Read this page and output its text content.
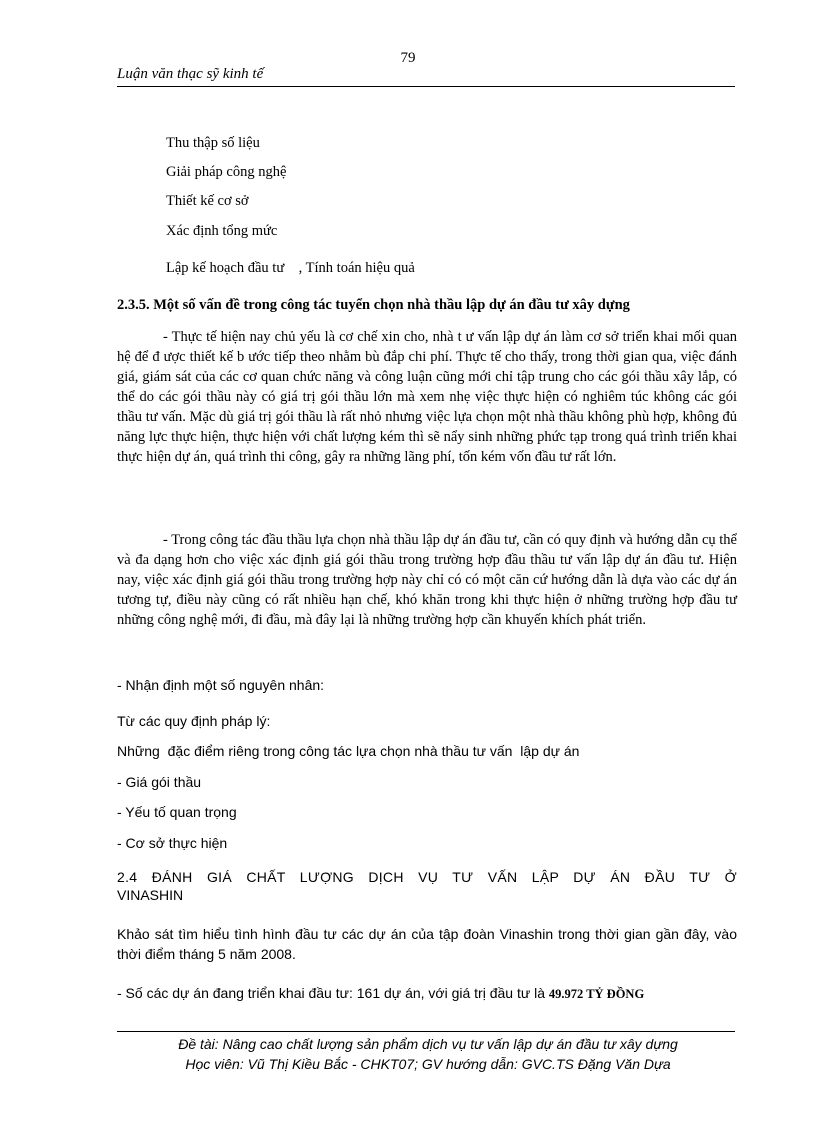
79
Luận văn thạc sỹ kinh tế
Thu thập số liệu
Giải pháp công nghệ
Thiết kế cơ sở
Xác định tổng mức
Lập kế hoạch đầu tư    , Tính toán hiệu quả
2.3.5. Một số vấn đề trong công tác tuyển chọn nhà thầu lập dự án đầu tư xây dựng
- Thực tế hiện nay chủ yếu là cơ chế xin cho, nhà t ư vấn lập dự án làm cơ sở triển khai mối quan hệ để đ ược thiết kế b ước tiếp theo nhằm bù đắp chi phí. Thực tế cho thấy, trong thời gian qua, việc đánh giá, giám sát của các cơ quan chức năng và công luận cũng mới chỉ tập trung cho các gói thầu xây lắp, có thể do các gói thầu này có giá trị gói thầu lớn mà xem nhẹ việc thực hiện có nghiêm túc không các gói thầu tư vấn. Mặc dù giá trị gói thầu là rất nhỏ nhưng việc lựa chọn một nhà thầu không phù hợp, không đủ năng lực thực hiện, thực hiện với chất lượng kém thì sẽ nẩy sinh những phức tạp trong quá trình triển khai thực hiện dự án, quá trình thi công, gây ra những lãng phí, tốn kém vốn đầu tư rất lớn.
- Trong công tác đầu thầu lựa chọn nhà thầu lập dự án đầu tư, cần có quy định và hướng dẫn cụ thể và đa dạng hơn cho việc xác định giá gói thầu trong trường hợp đầu thầu tư vấn lập dự án đầu tư. Hiện nay, việc xác định giá gói thầu trong trường hợp này chỉ có có một căn cứ hướng dẫn là dựa vào các dự án tương tự, điều này cũng có rất nhiều hạn chế, khó khăn trong khi thực hiện ở những trường hợp đầu tư những công nghệ mới, đi đầu, mà đây lại là những trường hợp cần khuyến khích phát triển.
- Nhận định một số nguyên nhân:
Từ các quy định pháp lý:
Những  đặc điểm riêng trong công tác lựa chọn nhà thầu tư vấn  lập dự án
- Giá gói thầu
- Yếu tố quan trọng
- Cơ sở thực hiện
2.4 ĐÁNH GIÁ CHẤT LƯỢNG DỊCH VỤ TƯ VẤN LẬP DỰ ÁN ĐẦU TƯ Ở
VINASHIN
Khảo sát tìm hiểu tình hình đầu tư các dự án của tập đoàn Vinashin trong thời gian gần đây, vào thời điểm tháng 5 năm 2008.
- Số các dự án đang triển khai đầu tư: 161 dự án, với giá trị đầu tư là 49.972 TỶ ĐỒNG
Đề tài: Nâng cao chất lượng sản phẩm dịch vụ tư vấn lập dự án đầu tư xây dựng
Học viên: Vũ Thị Kiều Bắc - CHKT07; GV hướng dẫn: GVC.TS Đặng Văn Dựa
